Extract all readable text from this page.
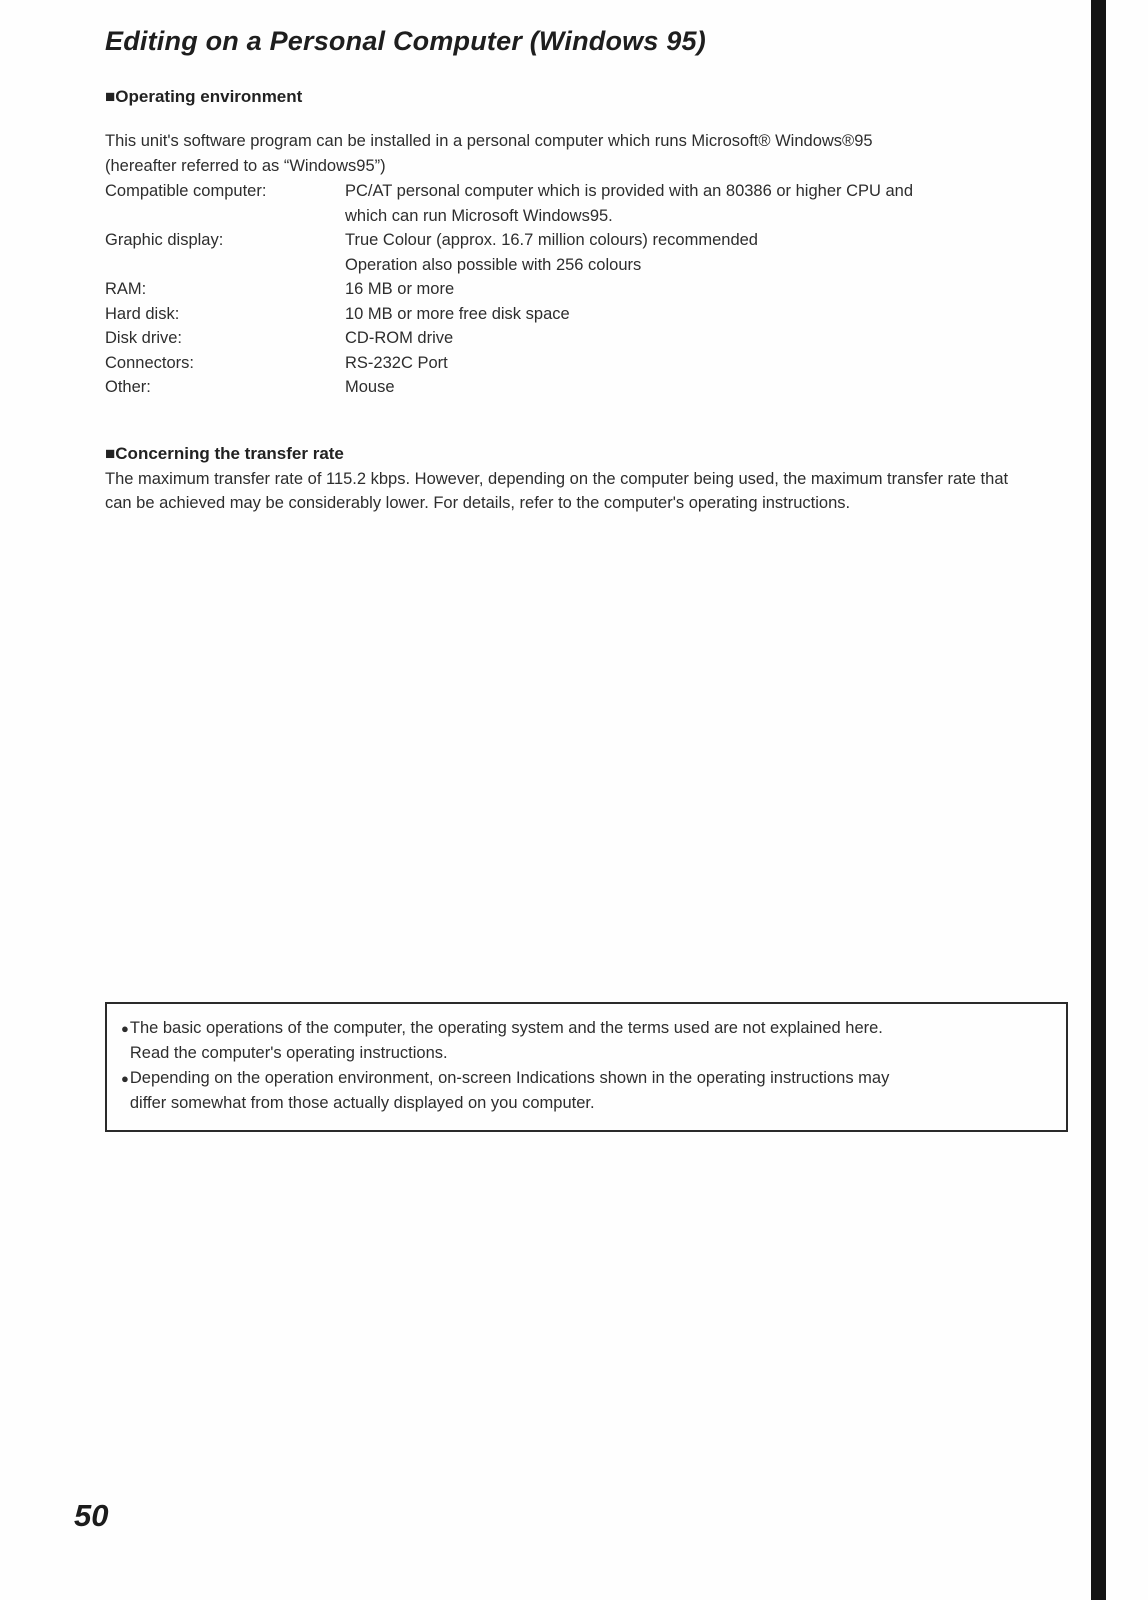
Editing on a Personal Computer (Windows 95)
■Operating environment

This unit's software program can be installed in a personal computer which runs Microsoft® Windows®95
(hereafter referred to as “Windows95”)

Compatible computer:	PC/AT personal computer which is provided with an 80386 or higher CPU and
which can run Microsoft Windows95.
Graphic display:	True Colour (approx. 16.7 million colours) recommended
Operation also possible with 256 colours
RAM:	16 MB or more
Hard disk:	10 MB or more free disk space
Disk drive:	CD-ROM drive
Connectors:	RS-232C Port
Other:	Mouse
■Concerning the transfer rate

The maximum transfer rate of 115.2 kbps. However, depending on the computer being used, the maximum transfer rate that can be achieved may be considerably lower. For details, refer to the computer's operating instructions.

● The basic operations of the computer, the operating system and the terms used are not explained here.
Read the computer's operating instructions.
● Depending on the operation environment, on-screen Indications shown in the operating instructions may
differ somewhat from those actually displayed on you computer.
50
